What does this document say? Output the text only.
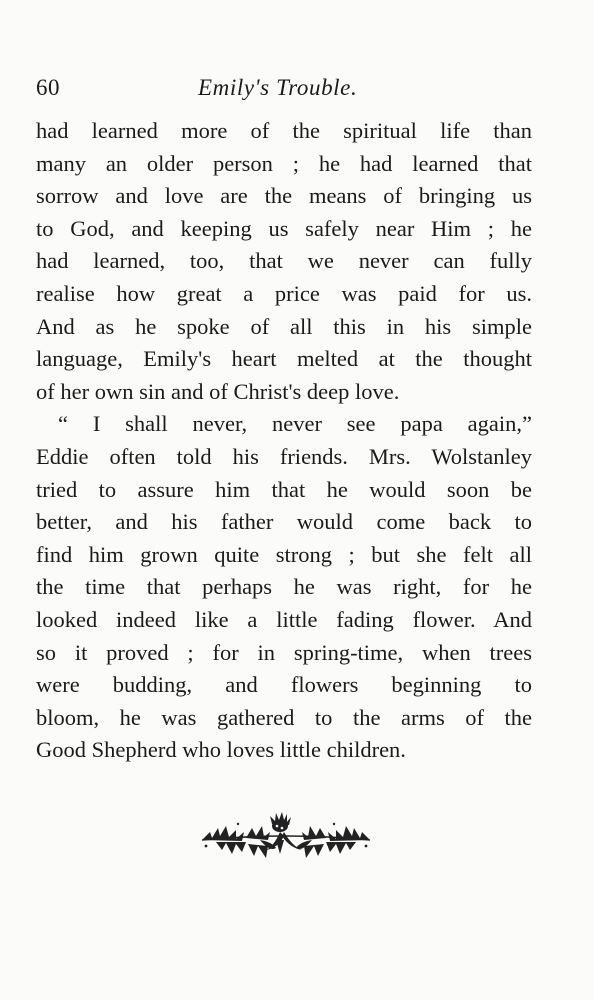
60	Emily's Trouble.
had learned more of the spiritual life than
many an older person ; he had learned that
sorrow and love are the means of bringing us
to God, and keeping us safely near Him ; he
had learned, too, that we never can fully
realise how great a price was paid for us.
And as he spoke of all this in his simple
language, Emily's heart melted at the thought
of her own sin and of Christ's deep love.
“ I shall never, never see papa again,”
Eddie often told his friends. Mrs. Wolstanley
tried to assure him that he would soon be
better, and his father would come back to
find him grown quite strong ; but she felt all
the time that perhaps he was right, for he
looked indeed like a little fading flower. And
so it proved ; for in spring-time, when trees
were budding, and flowers beginning to
bloom, he was gathered to the arms of the
Good Shepherd who loves little children.
